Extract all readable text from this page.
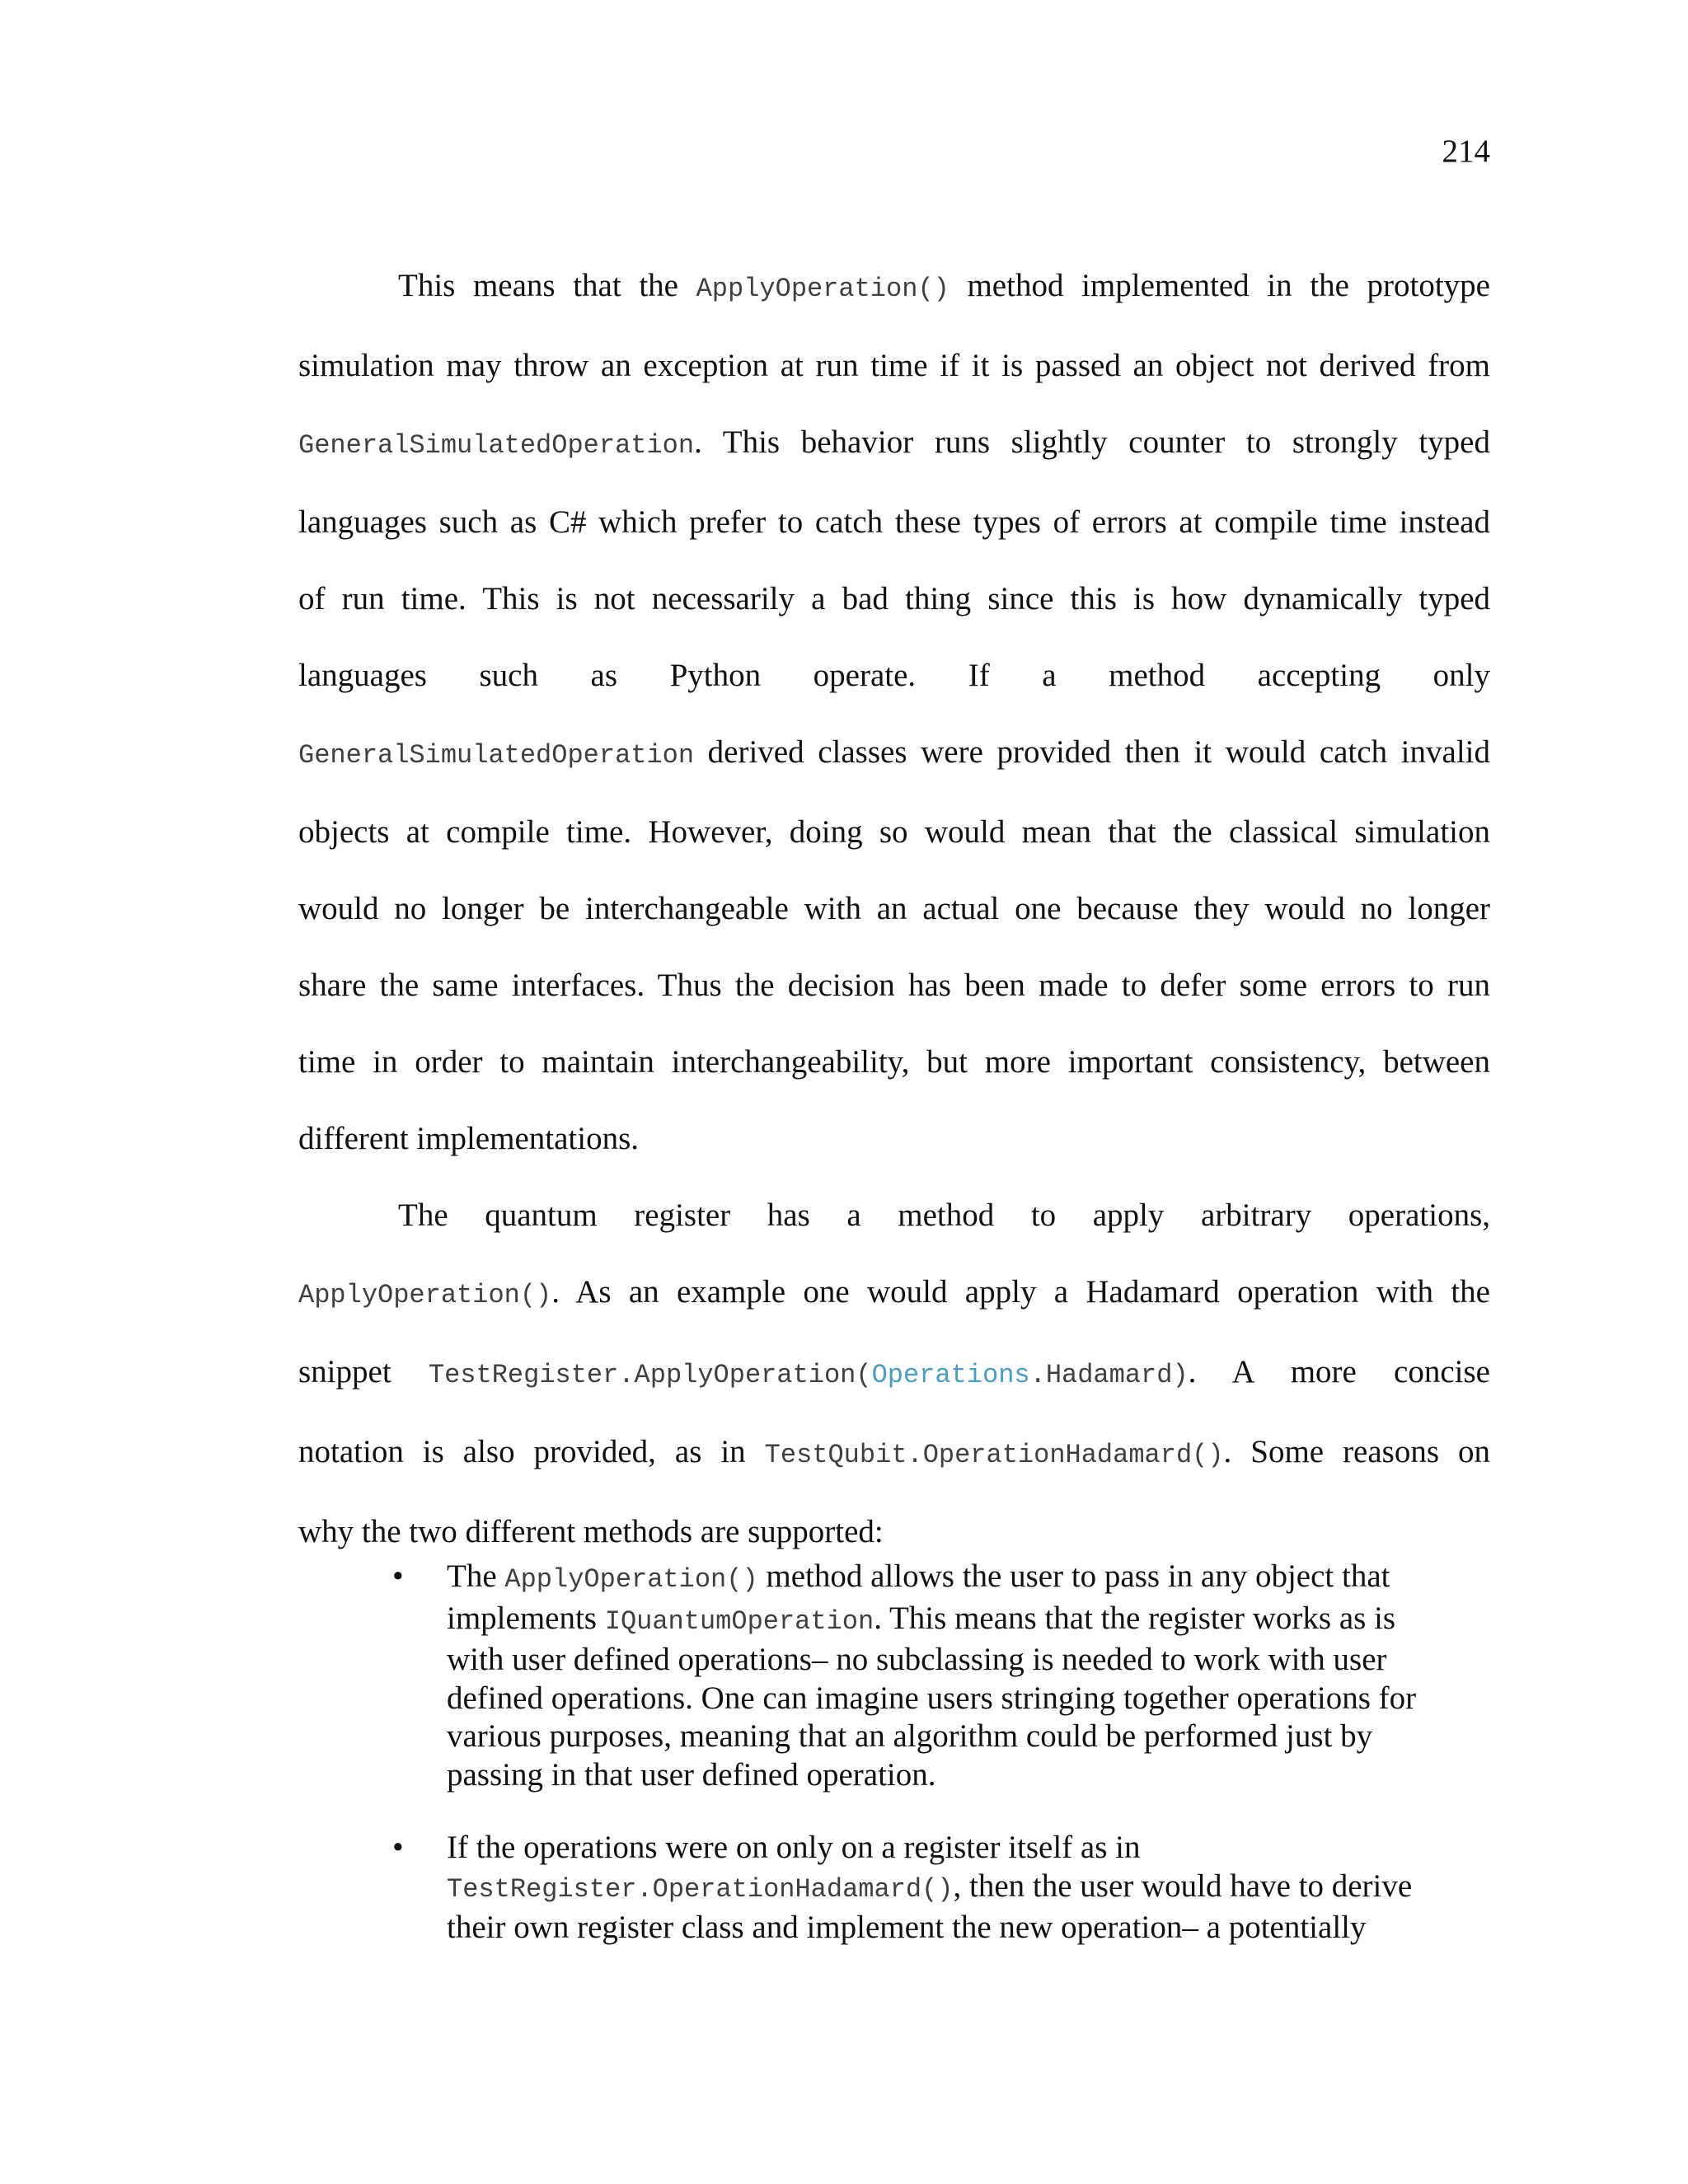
214
This means that the ApplyOperation() method implemented in the prototype
simulation may throw an exception at run time if it is passed an object not derived from
GeneralSimulatedOperation. This behavior runs slightly counter to strongly typed
languages such as C# which prefer to catch these types of errors at compile time instead
of run time. This is not necessarily a bad thing since this is how dynamically typed
languages such as Python operate. If a method accepting only
GeneralSimulatedOperation derived classes were provided then it would catch invalid
objects at compile time. However, doing so would mean that the classical simulation
would no longer be interchangeable with an actual one because they would no longer
share the same interfaces. Thus the decision has been made to defer some errors to run
time in order to maintain interchangeability, but more important consistency, between
different implementations.
The quantum register has a method to apply arbitrary operations,
ApplyOperation(). As an example one would apply a Hadamard operation with the
snippet TestRegister.ApplyOperation(Operations.Hadamard). A more concise
notation is also provided, as in TestQubit.OperationHadamard(). Some reasons on
why the two different methods are supported:
• The ApplyOperation() method allows the user to pass in any object that
implements IQuantumOperation. This means that the register works as is
with user defined operations– no subclassing is needed to work with user
defined operations. One can imagine users stringing together operations for
various purposes, meaning that an algorithm could be performed just by
passing in that user defined operation.
• If the operations were on only on a register itself as in
TestRegister.OperationHadamard(), then the user would have to derive
their own register class and implement the new operation– a potentially
